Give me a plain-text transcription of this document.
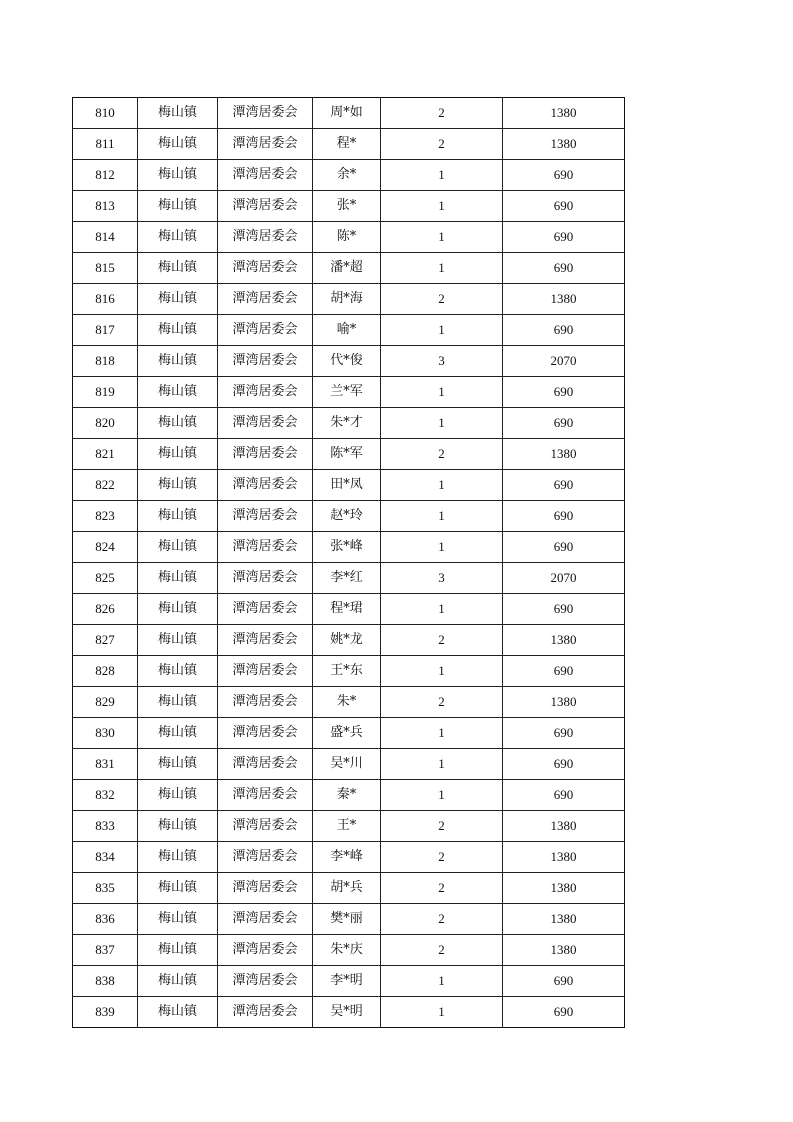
810	梅山镇	潭湾居委会	周*如	2	1380
811	梅山镇	潭湾居委会	程*	2	1380
812	梅山镇	潭湾居委会	余*	1	690
813	梅山镇	潭湾居委会	张*	1	690
814	梅山镇	潭湾居委会	陈*	1	690
815	梅山镇	潭湾居委会	潘*超	1	690
816	梅山镇	潭湾居委会	胡*海	2	1380
817	梅山镇	潭湾居委会	喻*	1	690
818	梅山镇	潭湾居委会	代*俊	3	2070
819	梅山镇	潭湾居委会	兰*军	1	690
820	梅山镇	潭湾居委会	朱*才	1	690
821	梅山镇	潭湾居委会	陈*军	2	1380
822	梅山镇	潭湾居委会	田*凤	1	690
823	梅山镇	潭湾居委会	赵*玲	1	690
824	梅山镇	潭湾居委会	张*峰	1	690
825	梅山镇	潭湾居委会	李*红	3	2070
826	梅山镇	潭湾居委会	程*珺	1	690
827	梅山镇	潭湾居委会	姚*龙	2	1380
828	梅山镇	潭湾居委会	王*东	1	690
829	梅山镇	潭湾居委会	朱*	2	1380
830	梅山镇	潭湾居委会	盛*兵	1	690
831	梅山镇	潭湾居委会	吴*川	1	690
832	梅山镇	潭湾居委会	秦*	1	690
833	梅山镇	潭湾居委会	王*	2	1380
834	梅山镇	潭湾居委会	李*峰	2	1380
835	梅山镇	潭湾居委会	胡*兵	2	1380
836	梅山镇	潭湾居委会	樊*丽	2	1380
837	梅山镇	潭湾居委会	朱*庆	2	1380
838	梅山镇	潭湾居委会	李*明	1	690
839	梅山镇	潭湾居委会	吴*明	1	690
